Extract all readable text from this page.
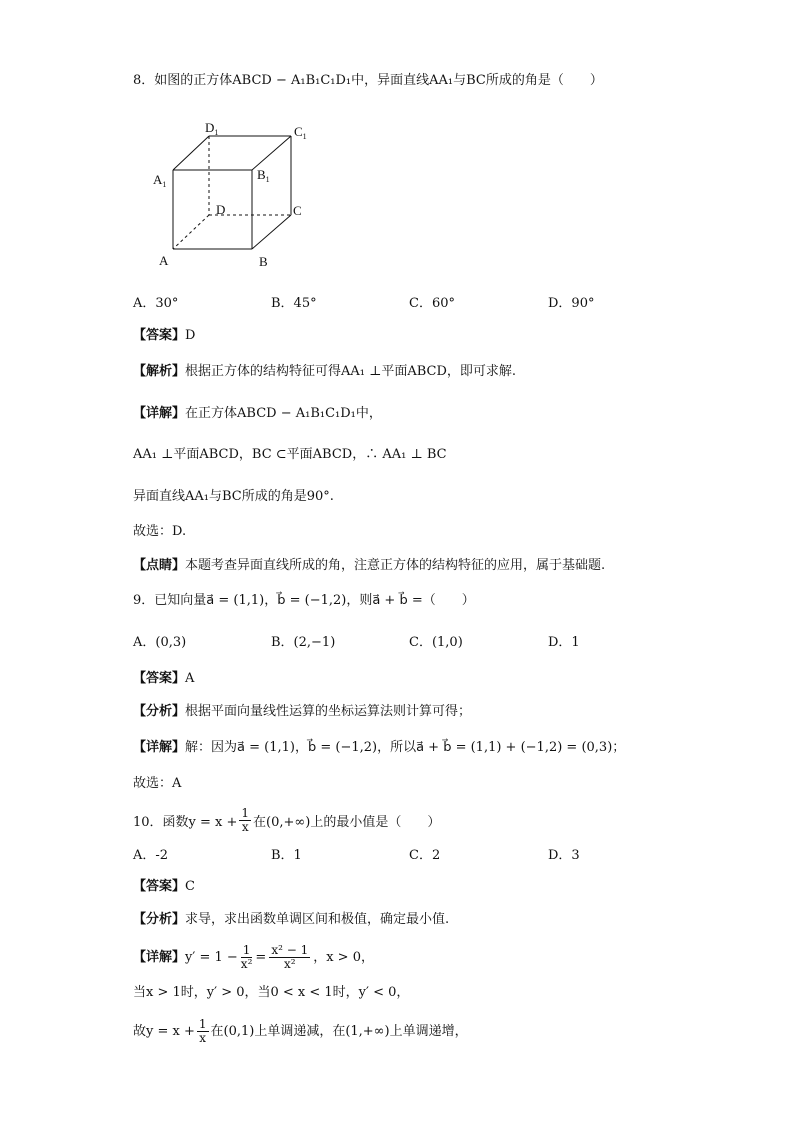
8．如图的正方体ABCD − A₁B₁C₁D₁中，异面直线AA₁与BC所成的角是（　　）
$D_1$	$C_1$
$A_1$
$B_1$
D	C
A	B
A．30°	B．45°	C．60°	D．90°
【答案】D
【解析】根据正方体的结构特征可得AA₁ ⊥平面ABCD，即可求解.
【详解】在正方体ABCD − A₁B₁C₁D₁中，
AA₁ ⊥平面ABCD，BC ⊂平面ABCD，∴ AA₁ ⊥ BC
异面直线AA₁与BC所成的角是90°.
故选：D.
【点睛】本题考查异面直线所成的角，注意正方体的结构特征的应用，属于基础题.
9．已知向量a⃗ = (1,1)，b⃗ = (−1,2)，则a⃗ + b⃗ =（　　）
A．(0,3)	B．(2,−1)	C．(1,0)	D．1
【答案】A
【分析】根据平面向量线性运算的坐标运算法则计算可得；
【详解】解：因为a⃗ = (1,1)，b⃗ = (−1,2)，所以a⃗ + b⃗ = (1,1) + (−1,2) = (0,3)；
故选：A
10．函数$y = x + \frac{1}{x}$ 在(0,+∞)上的最小值是（　　）
A．-2	B．1	C．2	D．3
【答案】C
【分析】求导，求出函数单调区间和极值，确定最小值.
【详解】 $y' = 1 - \frac{1}{\text{x²}} = \frac{\text{x² − 1}}{\text{x²}}$ ，x > 0，
当x > 1时，y′ > 0，当0 < x < 1时，y′ < 0，
故$y = x + \frac{1}{x}$ 在(0,1)上单调递减，在(1,+∞)上单调递增，
